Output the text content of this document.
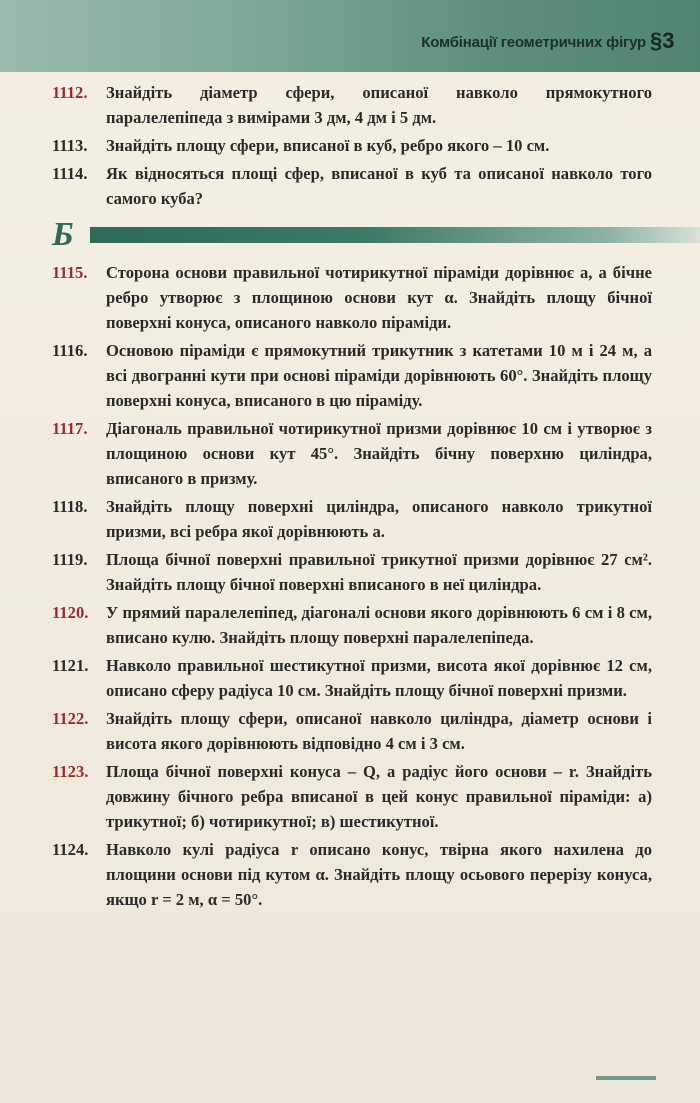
Комбінації геометричних фігур §3
1112.	Знайдіть діаметр сфери, описаної навколо прямокутного паралелепіпеда з вимірами 3 дм, 4 дм і 5 дм.
1113.	Знайдіть площу сфери, вписаної в куб, ребро якого – 10 см.
1114.	Як відносяться площі сфер, вписаної в куб та описаної навколо того самого куба?
Б
1115.	Сторона основи правильної чотирикутної піраміди дорівнює a, а бічне ребро утворює з площиною основи кут α. Знайдіть площу бічної поверхні конуса, описаного навколо піраміди.
1116.	Основою піраміди є прямокутний трикутник з катетами 10 м і 24 м, а всі двогранні кути при основі піраміди дорівнюють 60°. Знайдіть площу поверхні конуса, вписаного в цю піраміду.
1117.	Діагональ правильної чотирикутної призми дорівнює 10 см і утворює з площиною основи кут 45°. Знайдіть бічну поверхню циліндра, вписаного в призму.
1118.	Знайдіть площу поверхні циліндра, описаного навколо трикутної призми, всі ребра якої дорівнюють a.
1119.	Площа бічної поверхні правильної трикутної призми дорівнює 27 см². Знайдіть площу бічної поверхні вписаного в неї циліндра.
1120.	У прямий паралелепіпед, діагоналі основи якого дорівнюють 6 см і 8 см, вписано кулю. Знайдіть площу поверхні паралелепіпеда.
1121.	Навколо правильної шестикутної призми, висота якої дорівнює 12 см, описано сферу радіуса 10 см. Знайдіть площу бічної поверхні призми.
1122.	Знайдіть площу сфери, описаної навколо циліндра, діаметр основи і висота якого дорівнюють відповідно 4 см і 3 см.
1123.	Площа бічної поверхні конуса – Q, а радіус його основи – r. Знайдіть довжину бічного ребра вписаної в цей конус правильної піраміди: а) трикутної; б) чотирикутної; в) шестикутної.
1124.	Навколо кулі радіуса r описано конус, твірна якого нахилена до площини основи під кутом α. Знайдіть площу осьового перерізу конуса, якщо r = 2 м, α = 50°.
